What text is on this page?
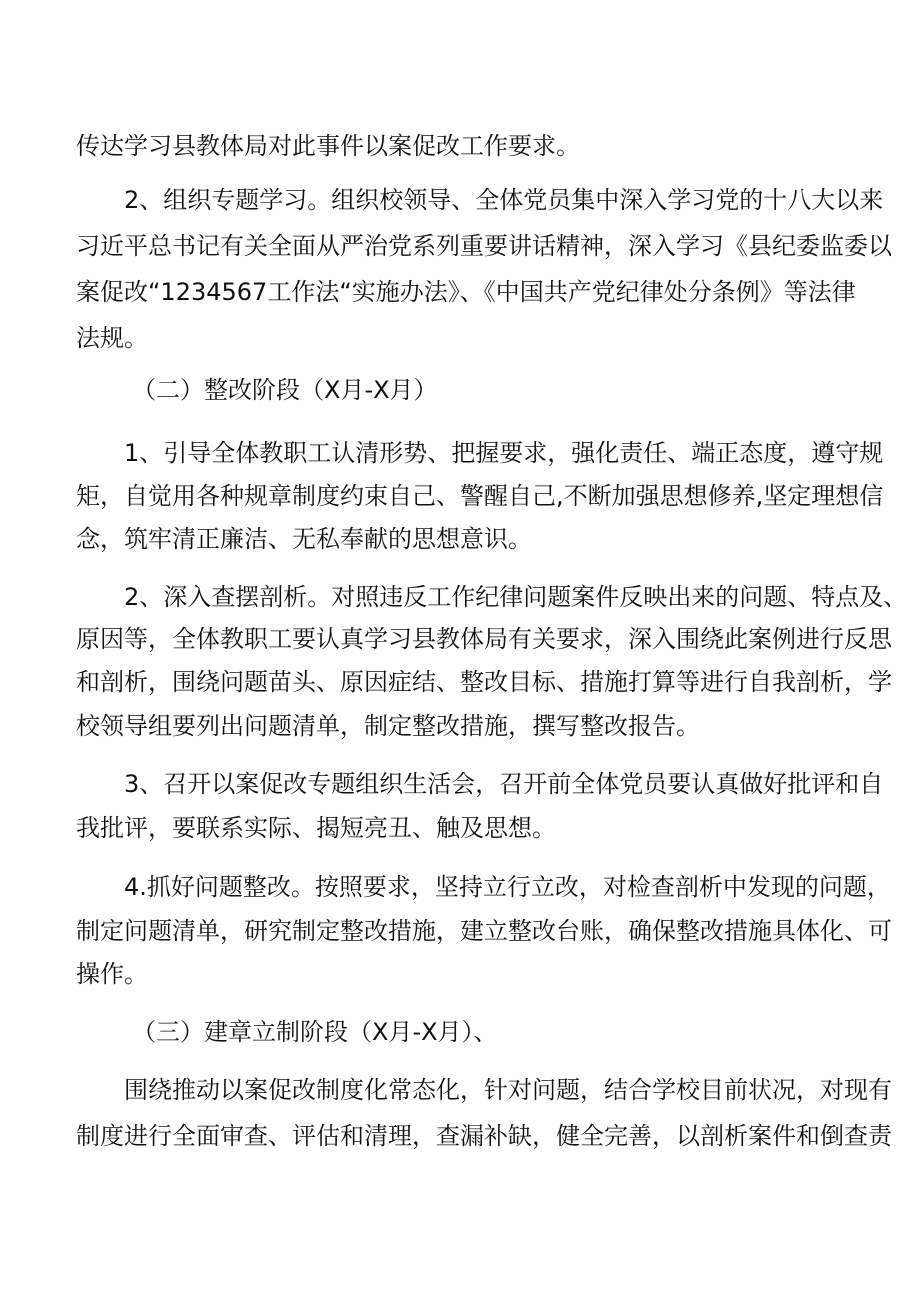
传达学习县教体局对此事件以案促改工作要求。
2、组织专题学习。组织校领导、全体党员集中深入学习党的十八大以来
习近平总书记有关全面从严治党系列重要讲话精神，深入学习《县纪委监委以
案促改“1234567工作法“实施办法》、《中国共产党纪律处分条例》等法律
法规。
（二）整改阶段（X月-X月）
1、引导全体教职工认清形势、把握要求，强化责任、端正态度，遵守规
矩，自觉用各种规章制度约束自己、警醒自己,不断加强思想修养,坚定理想信
念，筑牢清正廉洁、无私奉献的思想意识。
2、深入查摆剖析。对照违反工作纪律问题案件反映出来的问题、特点及、
原因等，全体教职工要认真学习县教体局有关要求，深入围绕此案例进行反思
和剖析，围绕问题苗头、原因症结、整改目标、措施打算等进行自我剖析，学
校领导组要列出问题清单，制定整改措施，撰写整改报告。
3、召开以案促改专题组织生活会，召开前全体党员要认真做好批评和自
我批评，要联系实际、揭短亮丑、触及思想。
4.抓好问题整改。按照要求，坚持立行立改，对检查剖析中发现的问题，
制定问题清单，研究制定整改措施，建立整改台账，确保整改措施具体化、可
操作。
（三）建章立制阶段（X月-X月）、
围绕推动以案促改制度化常态化，针对问题，结合学校目前状况，对现有
制度进行全面审查、评估和清理，查漏补缺，健全完善，以剖析案件和倒查责
